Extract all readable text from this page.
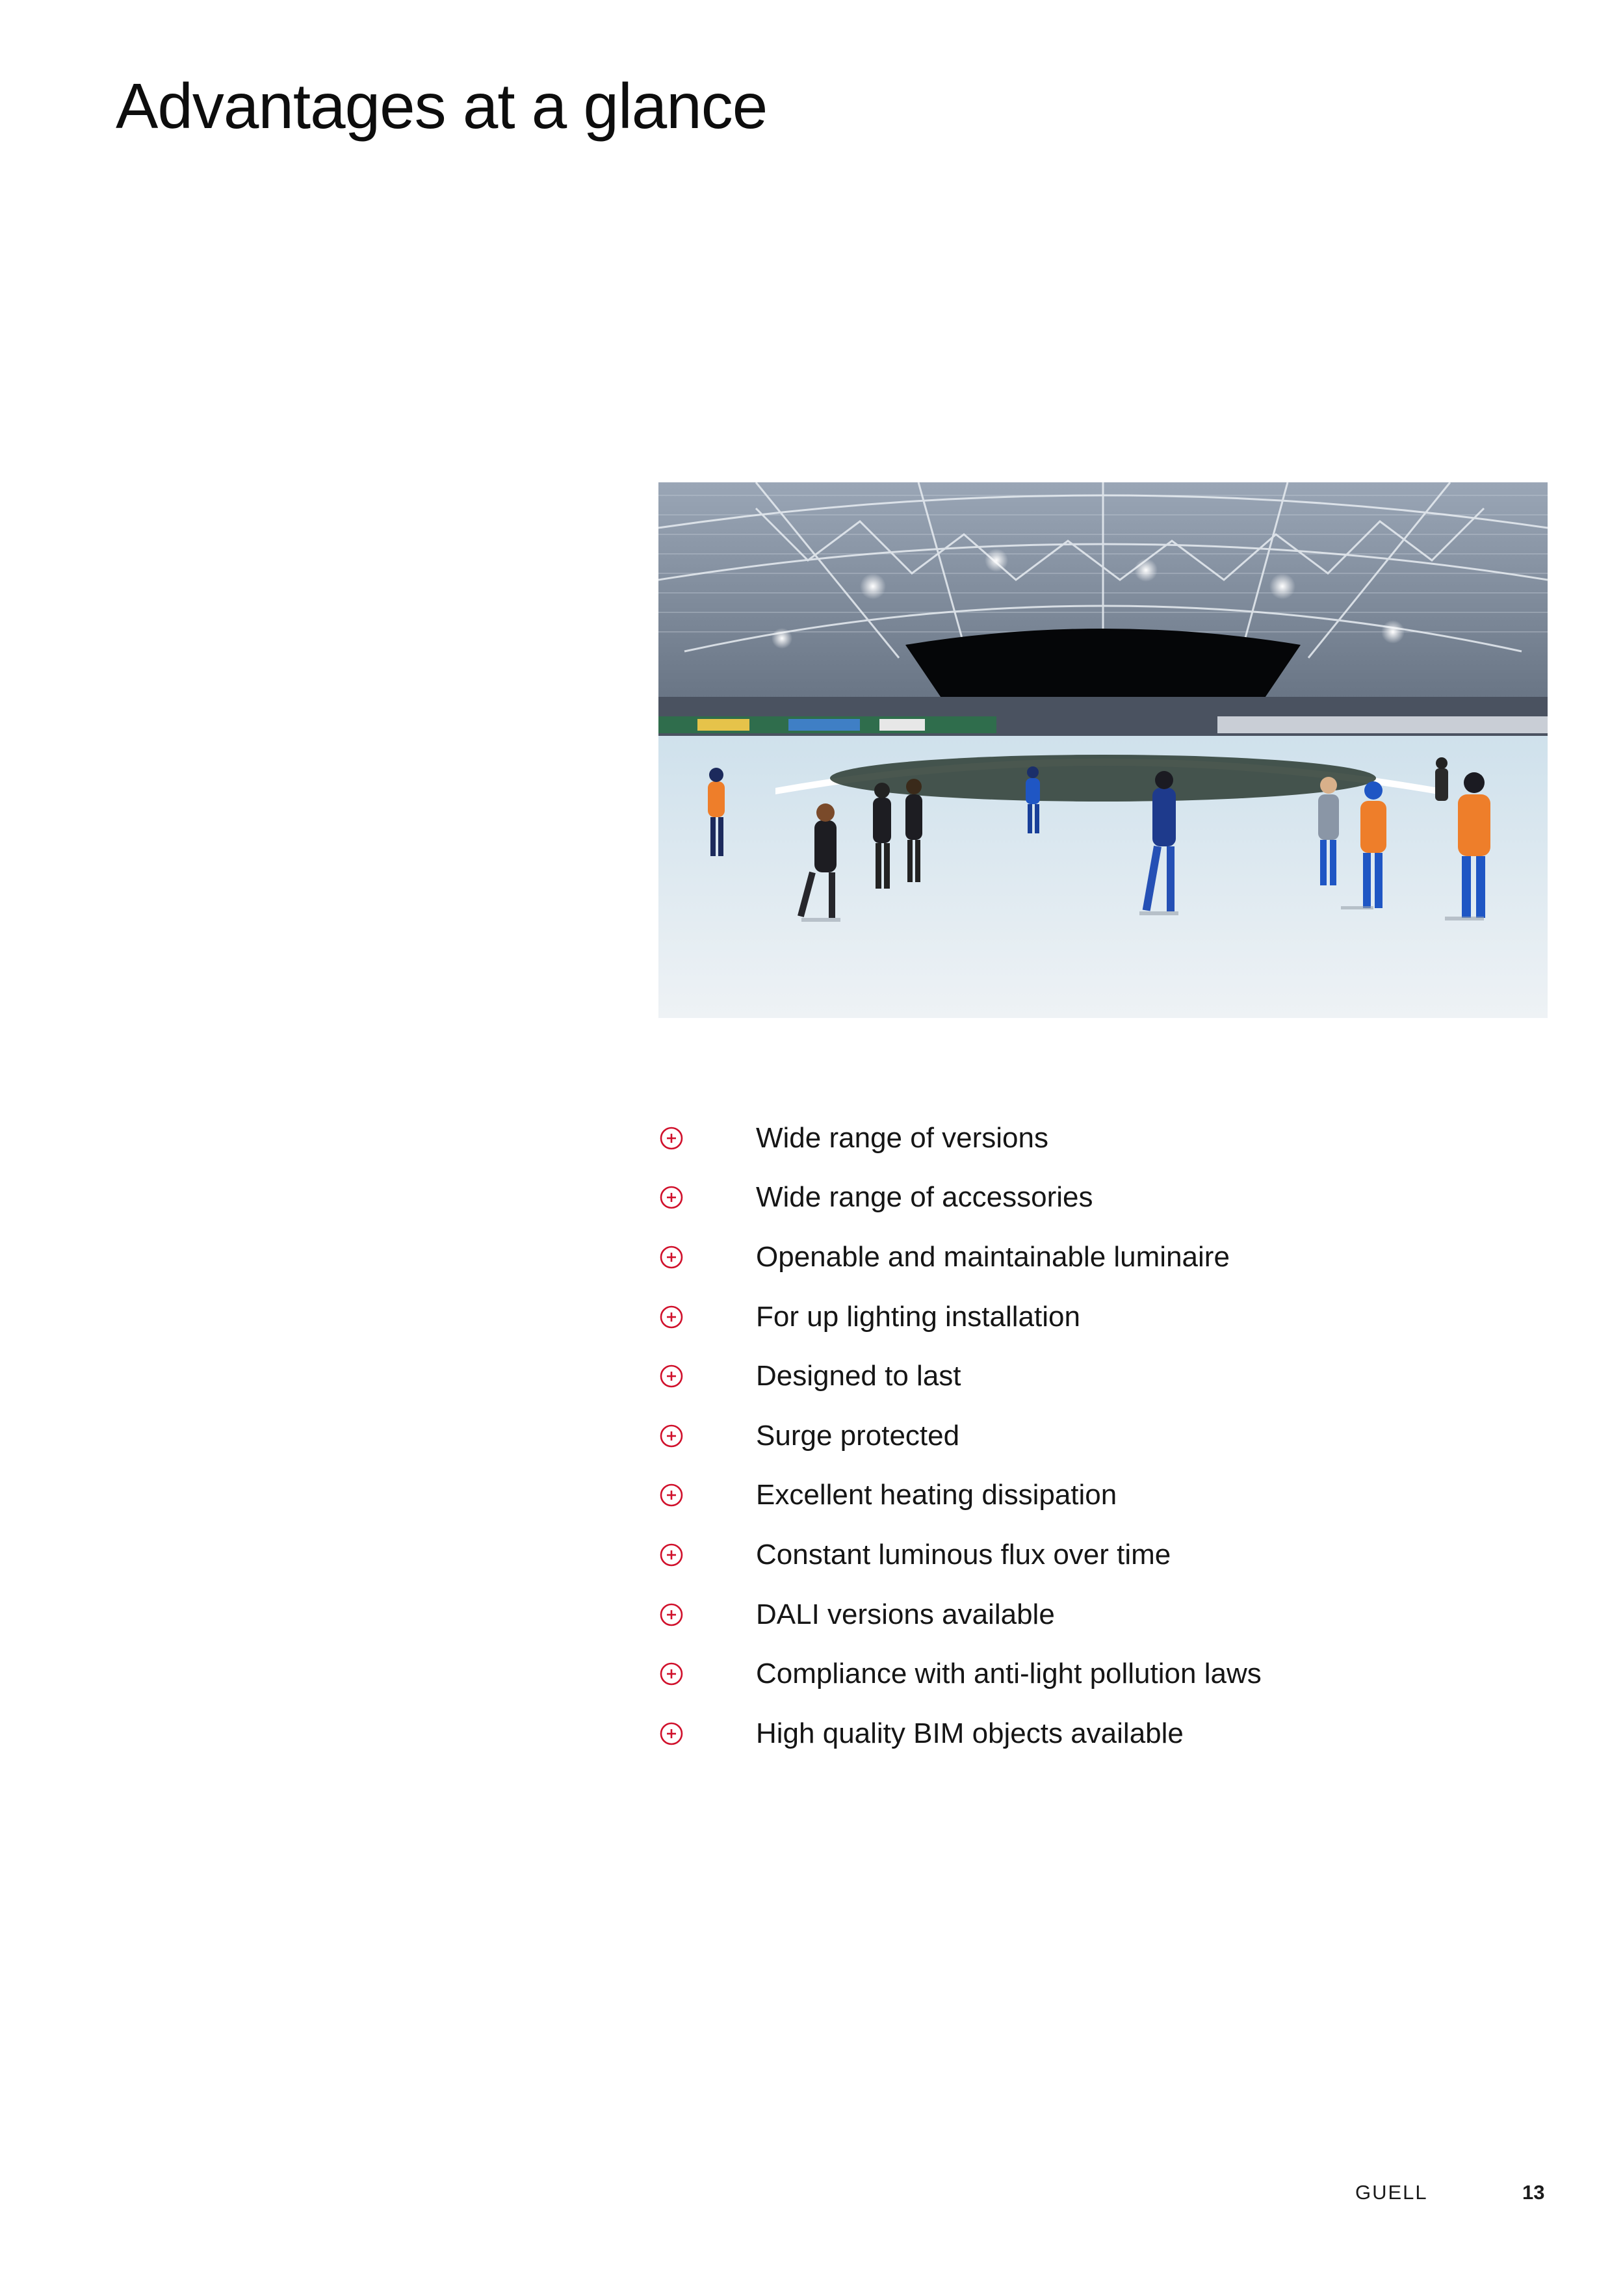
Advantages at a glance
Wide range of versions
Wide range of accessories
Openable and maintainable luminaire
For up lighting installation
Designed to last
Surge protected
Excellent heating dissipation
Constant luminous flux over time
DALI versions available
Compliance with anti-light pollution laws
High quality BIM objects available
GUELL	13
